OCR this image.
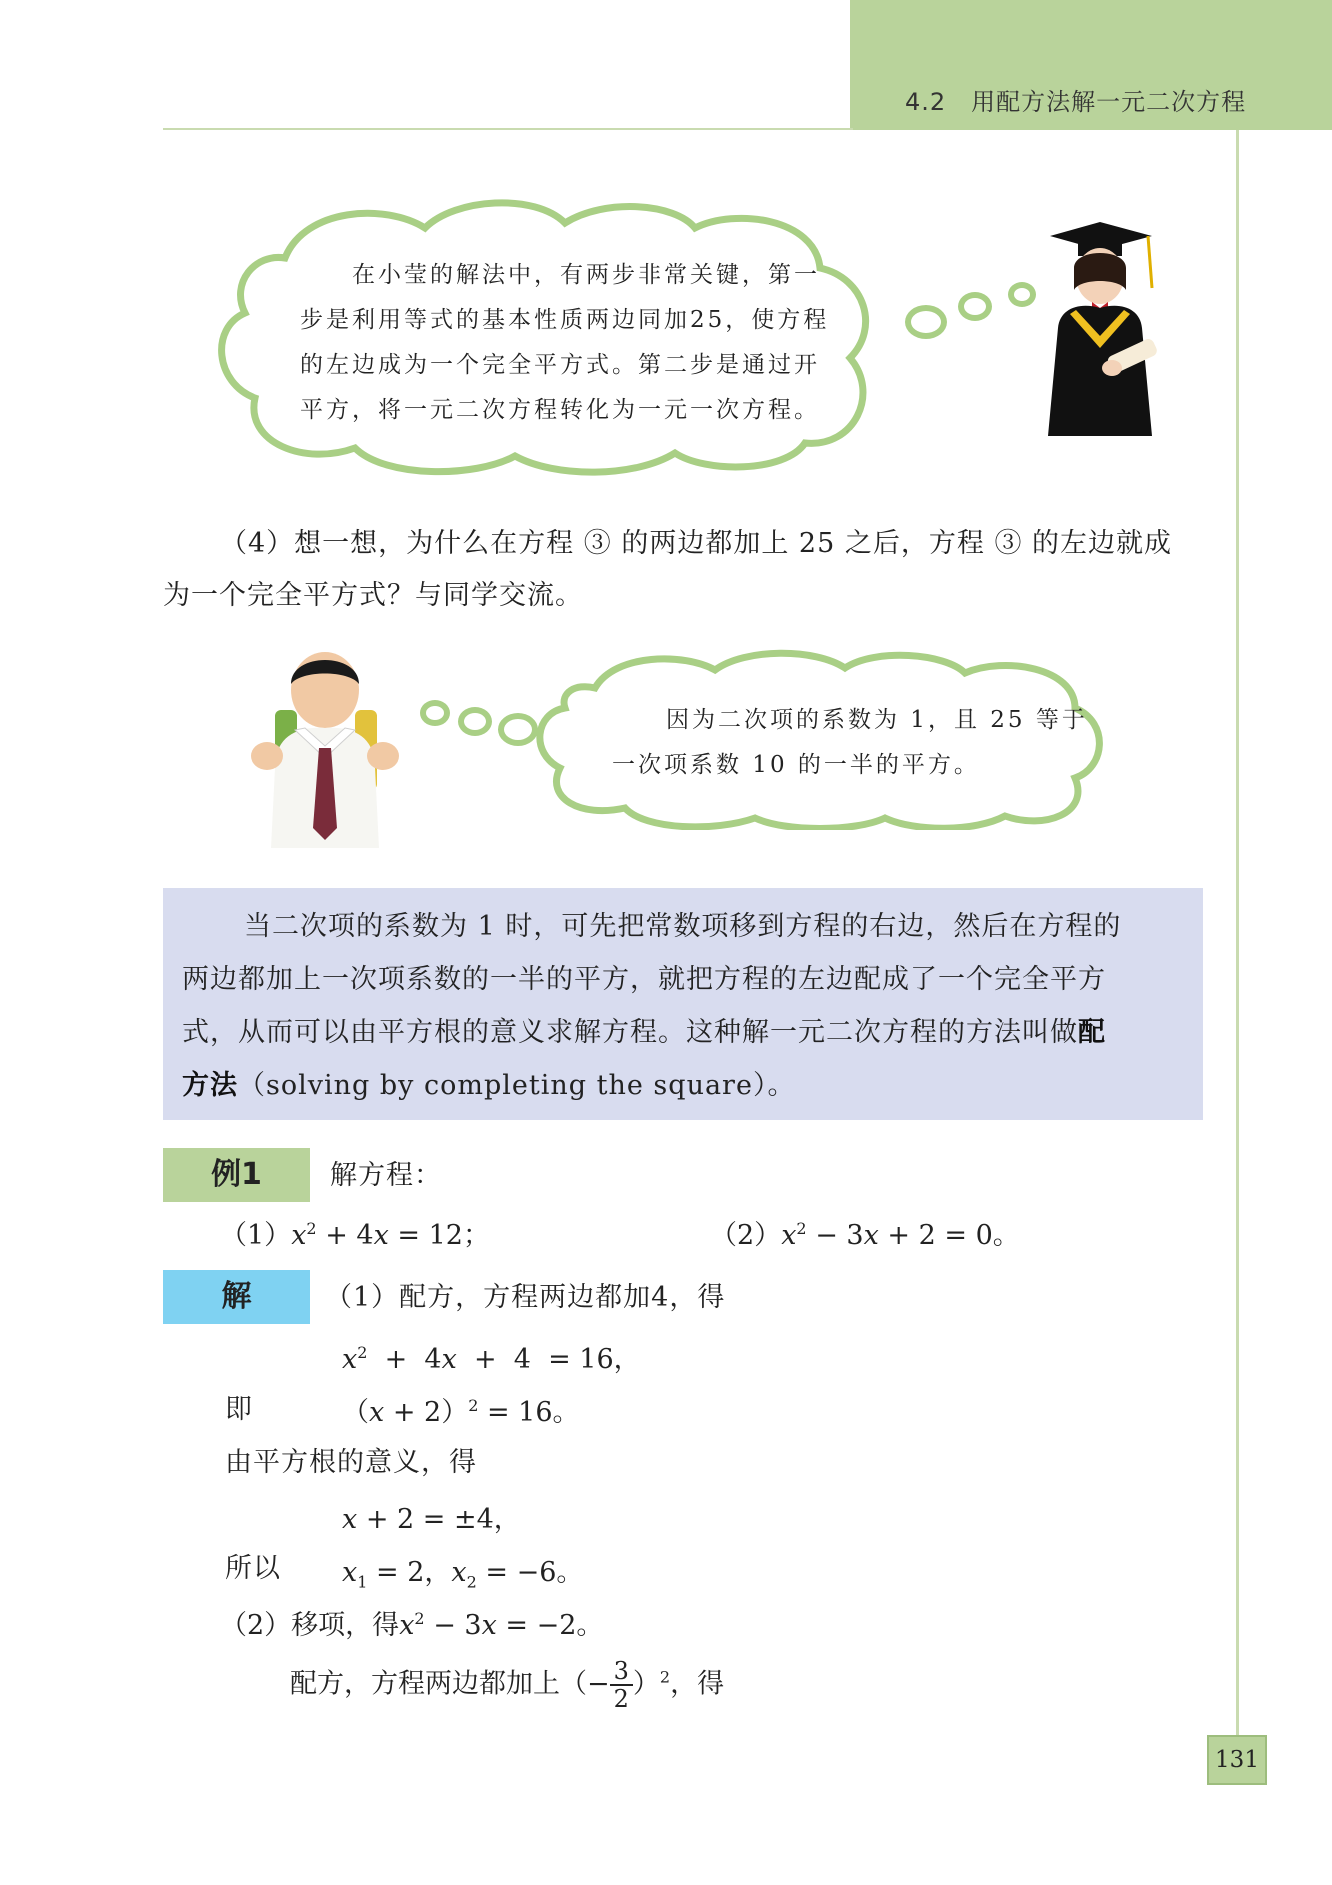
4.2　用配方法解一元二次方程
在小莹的解法中，有两步非常关键，第一
步是利用等式的基本性质两边同加25，使方程
的左边成为一个完全平方式。第二步是通过开
平方，将一元二次方程转化为一元一次方程。
（4）想一想，为什么在方程 ③ 的两边都加上 25 之后，方程 ③ 的左边就成
为一个完全平方式？与同学交流。
因为二次项的系数为 1，且 25 等于
一次项系数 10 的一半的平方。
当二次项的系数为 1 时，可先把常数项移到方程的右边，然后在方程的
两边都加上一次项系数的一半的平方，就把方程的左边配成了一个完全平方
式，从而可以由平方根的意义求解方程。这种解一元二次方程的方法叫做配
方法（solving by completing the square）。
例1	解方程：
$(1)x^2 + 4x = 12$；	$(2)x^2 - 3x + 2 = 0$。
解	（1）配方，方程两边都加4，得
$x^2 + 4x + 4 = 16$，
即	$(x + 2)^2 = 16$。
由平方根的意义，得
x + 2 = ±4，
所以 $x_1 = 2$，$x_2 = -6$。
（2）移项，得$x^2 - 3x = -2$。
配方，方程两边都加上（− $\frac{3}{2} )^2$，得
131
